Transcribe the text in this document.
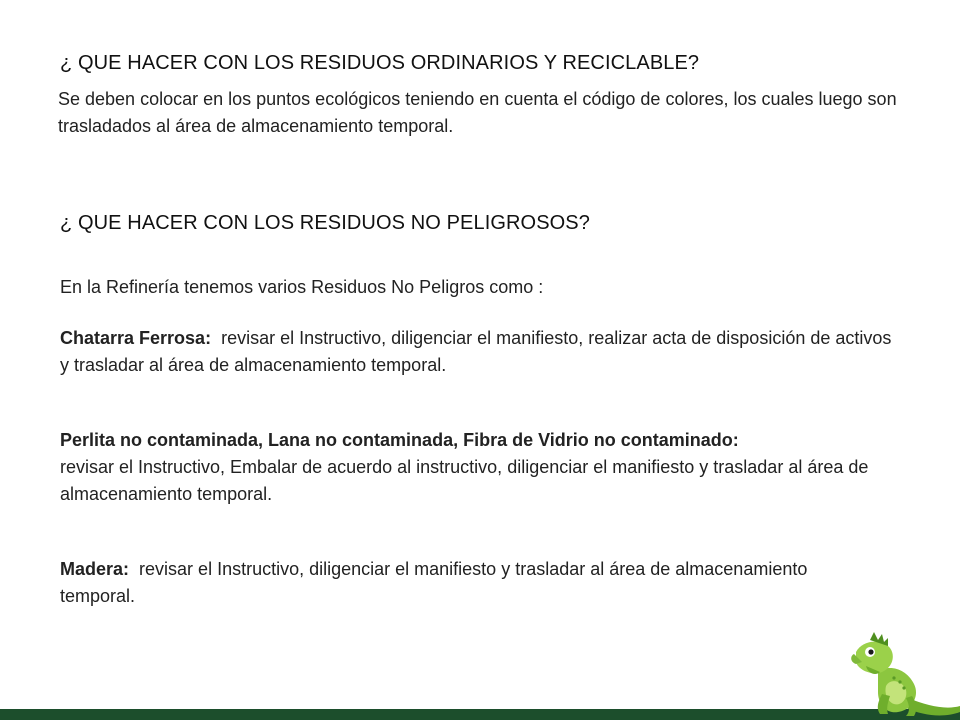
¿ QUE HACER CON LOS RESIDUOS ORDINARIOS Y RECICLABLE?

Se deben colocar en los puntos ecológicos teniendo en cuenta el código de colores, los cuales luego son trasladados al área de almacenamiento temporal.

¿ QUE HACER CON LOS RESIDUOS NO PELIGROSOS?

En la Refinería tenemos varios Residuos No Peligros como :

Chatarra Ferrosa: revisar el Instructivo, diligenciar el manifiesto, realizar acta de disposición de activos y trasladar al área de almacenamiento temporal.

Perlita no contaminada, Lana no contaminada, Fibra de Vidrio no contaminado:
revisar el Instructivo, Embalar de acuerdo al instructivo, diligenciar el manifiesto y trasladar al área de almacenamiento temporal.

Madera: revisar el Instructivo, diligenciar el manifiesto y trasladar al área de almacenamiento temporal.
